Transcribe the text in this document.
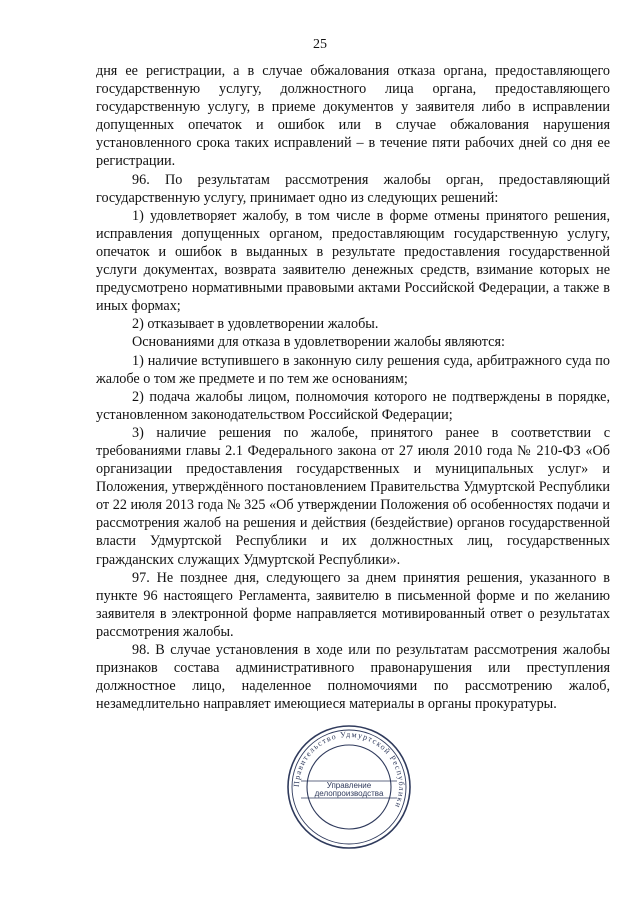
25

дня ее регистрации, а в случае обжалования отказа органа, предоставляющего государственную услугу, должностного лица органа, предоставляющего государственную услугу, в приеме документов у заявителя либо в исправлении допущенных опечаток и ошибок или в случае обжалования нарушения установленного срока таких исправлений – в течение пяти рабочих дней со дня ее регистрации.

96. По результатам рассмотрения жалобы орган, предоставляющий государственную услугу, принимает одно из следующих решений:

1) удовлетворяет жалобу, в том числе в форме отмены принятого решения, исправления допущенных органом, предоставляющим государственную услугу, опечаток и ошибок в выданных в результате предоставления государственной услуги документах, возврата заявителю денежных средств, взимание которых не предусмотрено нормативными правовыми актами Российской Федерации, а также в иных формах;

2) отказывает в удовлетворении жалобы.

Основаниями для отказа в удовлетворении жалобы являются:

1) наличие вступившего в законную силу решения суда, арбитражного суда по жалобе о том же предмете и по тем же основаниям;

2) подача жалобы лицом, полномочия которого не подтверждены в порядке, установленном законодательством Российской Федерации;

3) наличие решения по жалобе, принятого ранее в соответствии с требованиями главы 2.1 Федерального закона от 27 июля 2010 года № 210-ФЗ «Об организации предоставления государственных и муниципальных услуг» и Положения, утверждённого постановлением Правительства Удмуртской Республики от 22 июля 2013 года № 325 «Об утверждении Положения об особенностях подачи и рассмотрения жалоб на решения и действия (бездействие) органов государственной власти Удмуртской Республики и их должностных лиц, государственных гражданских служащих Удмуртской Республики».

97. Не позднее дня, следующего за днем принятия решения, указанного в пункте 96 настоящего Регламента, заявителю в письменной форме и по желанию заявителя в электронной форме направляется мотивированный ответ о результатах рассмотрения жалобы.

98. В случае установления в ходе или по результатам рассмотрения жалобы признаков состава административного правонарушения или преступления должностное лицо, наделенное полномочиями по рассмотрению жалоб, незамедлительно направляет имеющиеся материалы в органы прокуратуры.

Правительство Удмуртской Республики
Управление
делопроизводства
